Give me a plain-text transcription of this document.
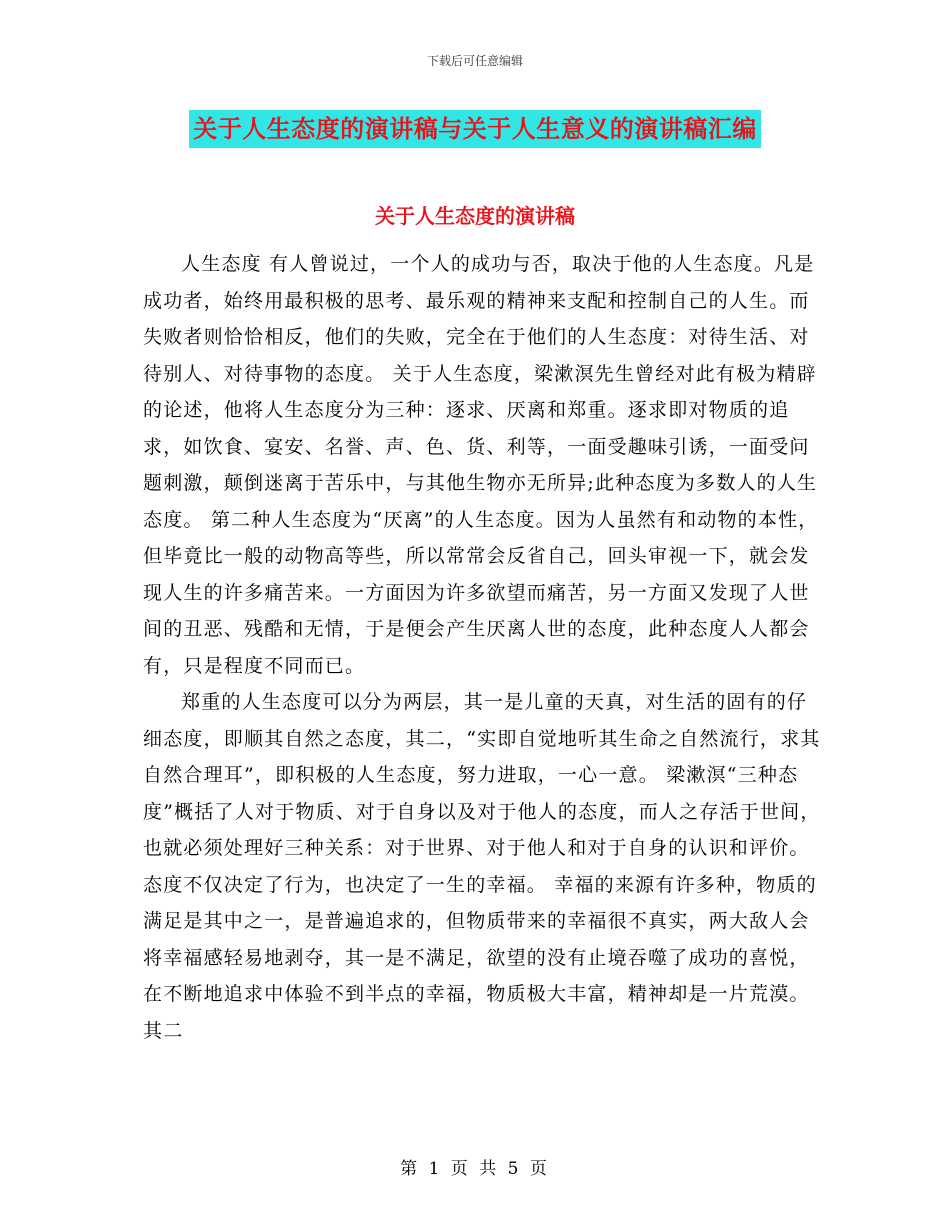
下载后可任意编辑
关于人生态度的演讲稿与关于人生意义的演讲稿汇编
关于人生态度的演讲稿

人生态度 有人曾说过，一个人的成功与否，取决于他的人生态度。凡是成功者，始终用最积极的思考、最乐观的精神来支配和控制自己的人生。而失败者则恰恰相反，他们的失败，完全在于他们的人生态度：对待生活、对待别人、对待事物的态度。 关于人生态度，梁漱溟先生曾经对此有极为精辟的论述，他将人生态度分为三种：逐求、厌离和郑重。逐求即对物质的追求，如饮食、宴安、名誉、声、色、货、利等，一面受趣味引诱，一面受问题刺激，颠倒迷离于苦乐中，与其他生物亦无所异;此种态度为多数人的人生态度。 第二种人生态度为“厌离”的人生态度。因为人虽然有和动物的本性，但毕竟比一般的动物高等些，所以常常会反省自己，回头审视一下，就会发现人生的许多痛苦来。一方面因为许多欲望而痛苦，另一方面又发现了人世间的丑恶、残酷和无情，于是便会产生厌离人世的态度，此种态度人人都会有，只是程度不同而已。

郑重的人生态度可以分为两层，其一是儿童的天真，对生活的固有的仔细态度，即顺其自然之态度，其二，“实即自觉地听其生命之自然流行，求其自然合理耳”，即积极的人生态度，努力进取，一心一意。 梁漱溟“三种态度”概括了人对于物质、对于自身以及对于他人的态度，而人之存活于世间，也就必须处理好三种关系：对于世界、对于他人和对于自身的认识和评价。态度不仅决定了行为，也决定了一生的幸福。 幸福的来源有许多种，物质的满足是其中之一，是普遍追求的，但物质带来的幸福很不真实，两大敌人会将幸福感轻易地剥夺，其一是不满足，欲望的没有止境吞噬了成功的喜悦，在不断地追求中体验不到半点的幸福，物质极大丰富，精神却是一片荒漠。其二

第 1 页 共 5 页
